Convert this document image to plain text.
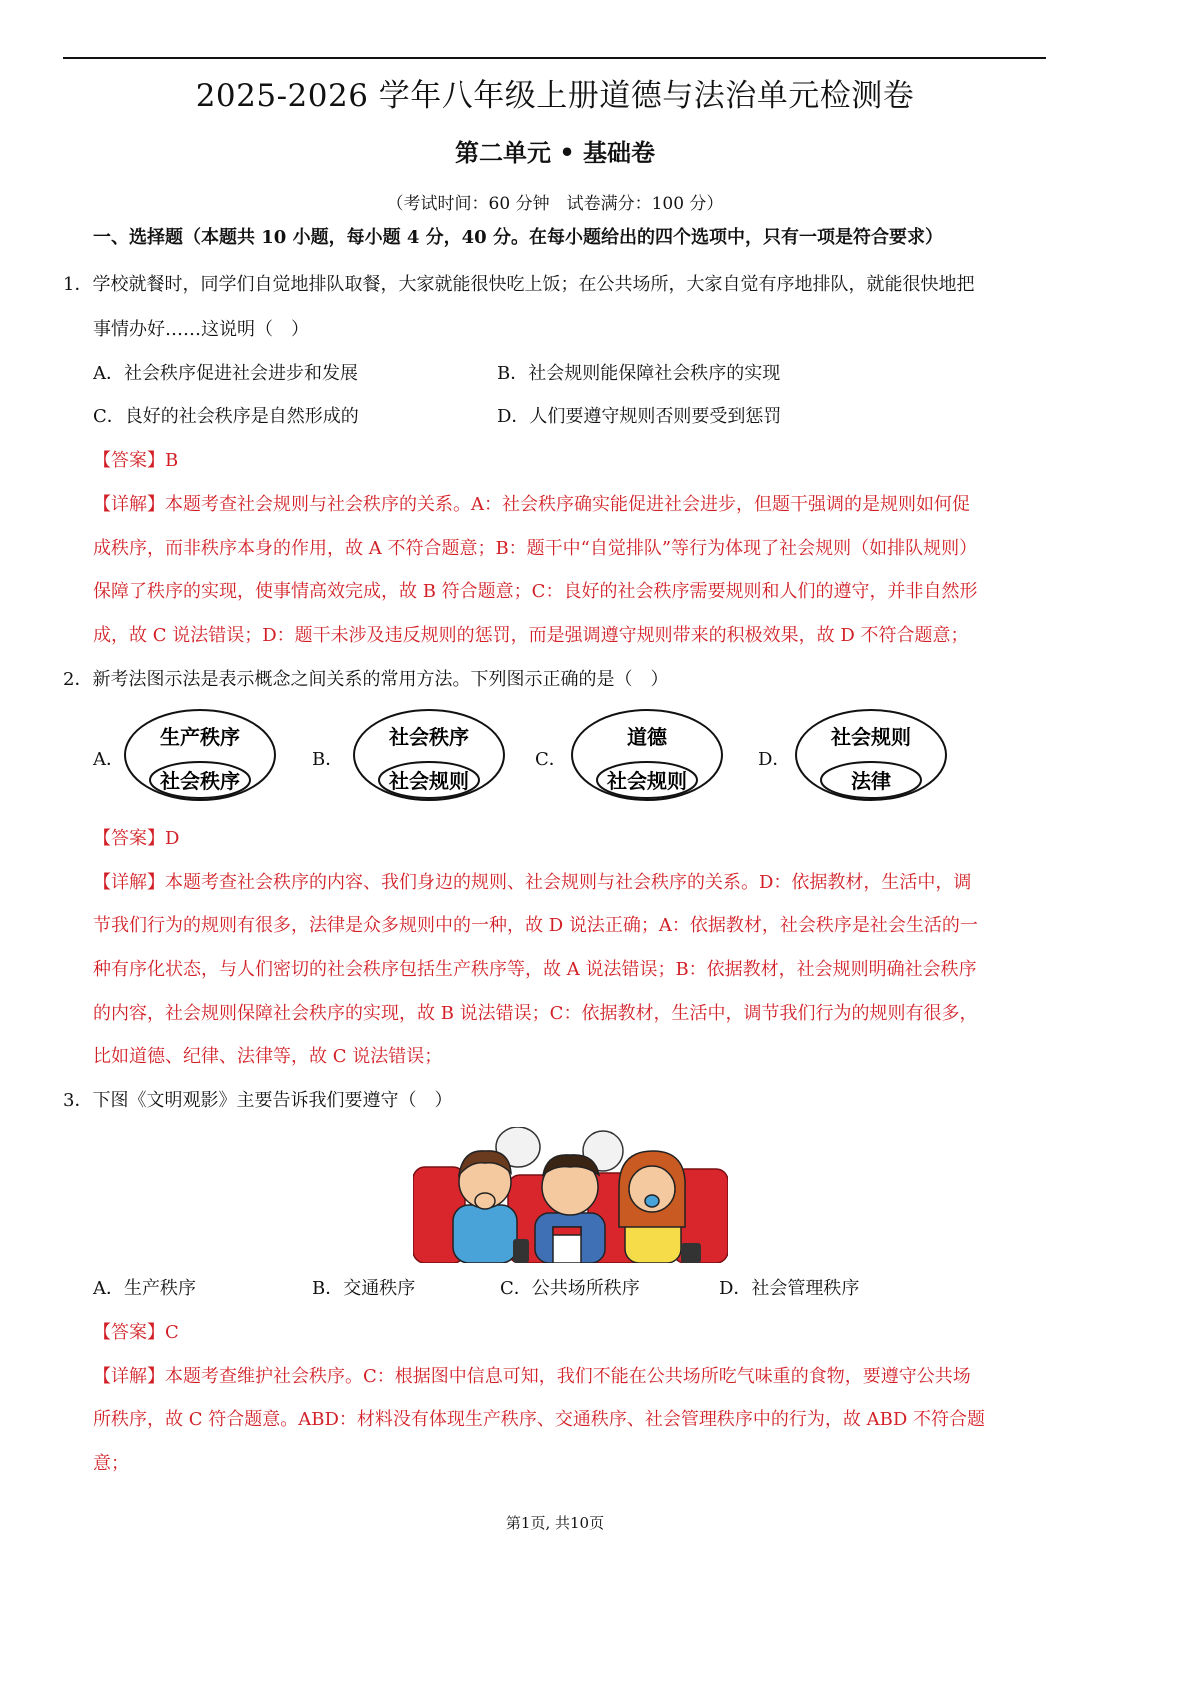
2025-2026 学年八年级上册道德与法治单元检测卷
第二单元 • 基础卷
（考试时间：60 分钟　试卷满分：100 分）
一、选择题（本题共 10 小题，每小题 4 分，40 分。在每小题给出的四个选项中，只有一项是符合要求）
1．学校就餐时，同学们自觉地排队取餐，大家就能很快吃上饭；在公共场所，大家自觉有序地排队，就能很快地把
事情办好……这说明（　）
A．社会秩序促进社会进步和发展	B．社会规则能保障社会秩序的实现
C．良好的社会秩序是自然形成的	D．人们要遵守规则否则要受到惩罚
【答案】B
【详解】本题考查社会规则与社会秩序的关系。A：社会秩序确实能促进社会进步，但题干强调的是规则如何促
成秩序，而非秩序本身的作用，故 A 不符合题意；B：题干中“自觉排队”等行为体现了社会规则（如排队规则）
保障了秩序的实现，使事情高效完成，故 B 符合题意；C：良好的社会秩序需要规则和人们的遵守，并非自然形
成，故 C 说法错误；D：题干未涉及违反规则的惩罚，而是强调遵守规则带来的积极效果，故 D 不符合题意；
2．新考法图示法是表示概念之间关系的常用方法。下列图示正确的是（　）
A．
生产秩序
社会秩序
B．
社会秩序
社会规则
C．
道德
社会规则
D．
社会规则
法律
【答案】D
【详解】本题考查社会秩序的内容、我们身边的规则、社会规则与社会秩序的关系。D：依据教材，生活中，调
节我们行为的规则有很多，法律是众多规则中的一种，故 D 说法正确；A：依据教材，社会秩序是社会生活的一
种有序化状态，与人们密切的社会秩序包括生产秩序等，故 A 说法错误；B：依据教材，社会规则明确社会秩序
的内容，社会规则保障社会秩序的实现，故 B 说法错误；C：依据教材，生活中，调节我们行为的规则有很多，
比如道德、纪律、法律等，故 C 说法错误；
3．下图《文明观影》主要告诉我们要遵守（　）
A．生产秩序	B．交通秩序	C．公共场所秩序	D．社会管理秩序
【答案】C
【详解】本题考查维护社会秩序。C：根据图中信息可知，我们不能在公共场所吃气味重的食物，要遵守公共场
所秩序，故 C 符合题意。ABD：材料没有体现生产秩序、交通秩序、社会管理秩序中的行为，故 ABD 不符合题
意；
第1页, 共10页
